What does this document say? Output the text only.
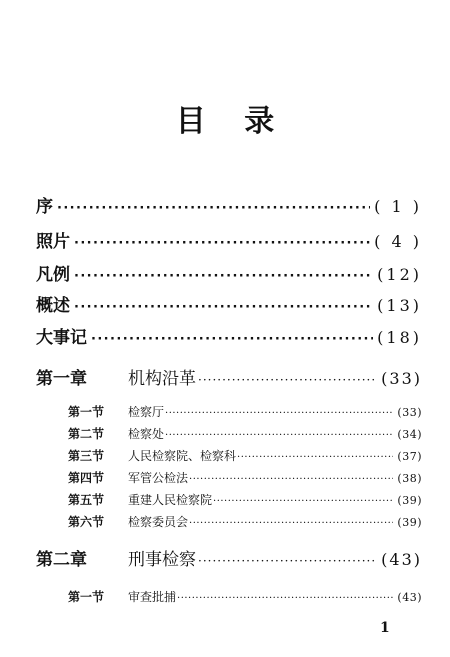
目 录
序 ·····	( 1 )
照片 ·····	( 4 )
凡例 ·····	(12)
概述 ·····	(13)
大事记 ·····	(18)
第一章	机构沿革 ·····	(33)
第一节	检察厅 ·····	(33)
第二节	检察处 ·····	(34)
第三节	人民检察院、检察科 ·····	(37)
第四节	军管公检法 ·····	(38)
第五节	重建人民检察院 ·····	(39)
第六节	检察委员会 ·····	(39)
第二章	刑事检察 ·····	(43)
第一节	审查批捕 ·····	(43)
1
